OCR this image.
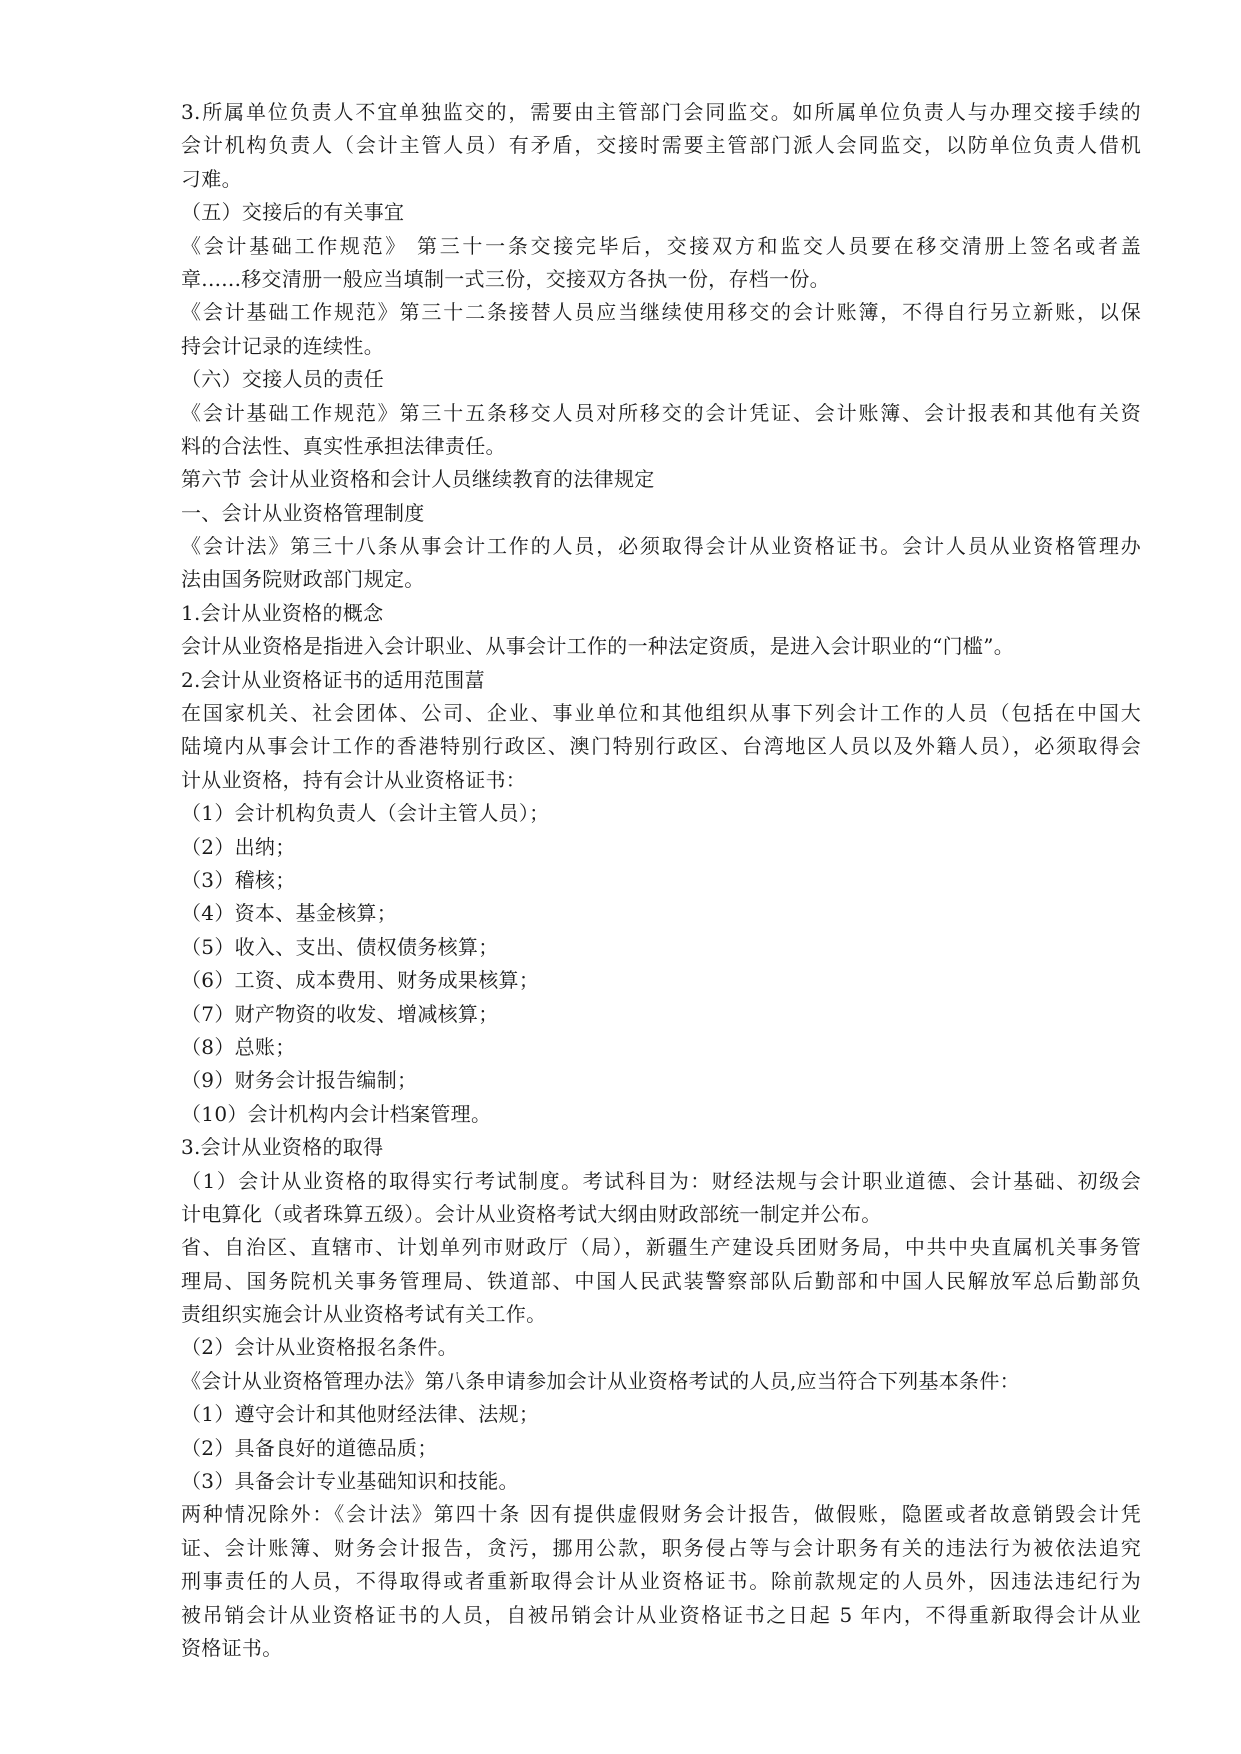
3.所属单位负责人不宜单独监交的，需要由主管部门会同监交。如所属单位负责人与办理交接手续的
会计机构负责人（会计主管人员）有矛盾，交接时需要主管部门派人会同监交，以防单位负责人借机
刁难。
（五）交接后的有关事宜
《会计基础工作规范》 第三十一条交接完毕后，交接双方和监交人员要在移交清册上签名或者盖
章......移交清册一般应当填制一式三份，交接双方各执一份，存档一份。
《会计基础工作规范》第三十二条接替人员应当继续使用移交的会计账簿，不得自行另立新账，以保
持会计记录的连续性。
（六）交接人员的责任
《会计基础工作规范》第三十五条移交人员对所移交的会计凭证、会计账簿、会计报表和其他有关资
料的合法性、真实性承担法律责任。
第六节 会计从业资格和会计人员继续教育的法律规定
一、会计从业资格管理制度
《会计法》第三十八条从事会计工作的人员，必须取得会计从业资格证书。会计人员从业资格管理办
法由国务院财政部门规定。
1.会计从业资格的概念
会计从业资格是指进入会计职业、从事会计工作的一种法定资质，是进入会计职业的“门槛”。
2.会计从业资格证书的适用范围葍
在国家机关、社会团体、公司、企业、事业单位和其他组织从事下列会计工作的人员（包括在中国大
陆境内从事会计工作的香港特别行政区、澳门特别行政区、台湾地区人员以及外籍人员），必须取得会
计从业资格，持有会计从业资格证书：
（1）会计机构负责人（会计主管人员）；
（2）出纳；
（3）稽核；
（4）资本、基金核算；
（5）收入、支出、债权债务核算；
（6）工资、成本费用、财务成果核算；
（7）财产物资的收发、增减核算；
（8）总账；
（9）财务会计报告编制；
（10）会计机构内会计档案管理。
3.会计从业资格的取得
（1）会计从业资格的取得实行考试制度。考试科目为：财经法规与会计职业道德、会计基础、初级会
计电算化（或者珠算五级）。会计从业资格考试大纲由财政部统一制定并公布。
省、自治区、直辖市、计划单列市财政厅（局），新疆生产建设兵团财务局，中共中央直属机关事务管
理局、国务院机关事务管理局、铁道部、中国人民武装警察部队后勤部和中国人民解放军总后勤部负
责组织实施会计从业资格考试有关工作。
（2）会计从业资格报名条件。
《会计从业资格管理办法》第八条申请参加会计从业资格考试的人员,应当符合下列基本条件：
（1）遵守会计和其他财经法律、法规；
（2）具备良好的道德品质；
（3）具备会计专业基础知识和技能。
两种情况除外：《会计法》第四十条 因有提供虚假财务会计报告，做假账，隐匿或者故意销毁会计凭
证、会计账簿、财务会计报告，贪污，挪用公款，职务侵占等与会计职务有关的违法行为被依法追究
刑事责任的人员，不得取得或者重新取得会计从业资格证书。除前款规定的人员外，因违法违纪行为
被吊销会计从业资格证书的人员，自被吊销会计从业资格证书之日起 5 年内，不得重新取得会计从业
资格证书。
